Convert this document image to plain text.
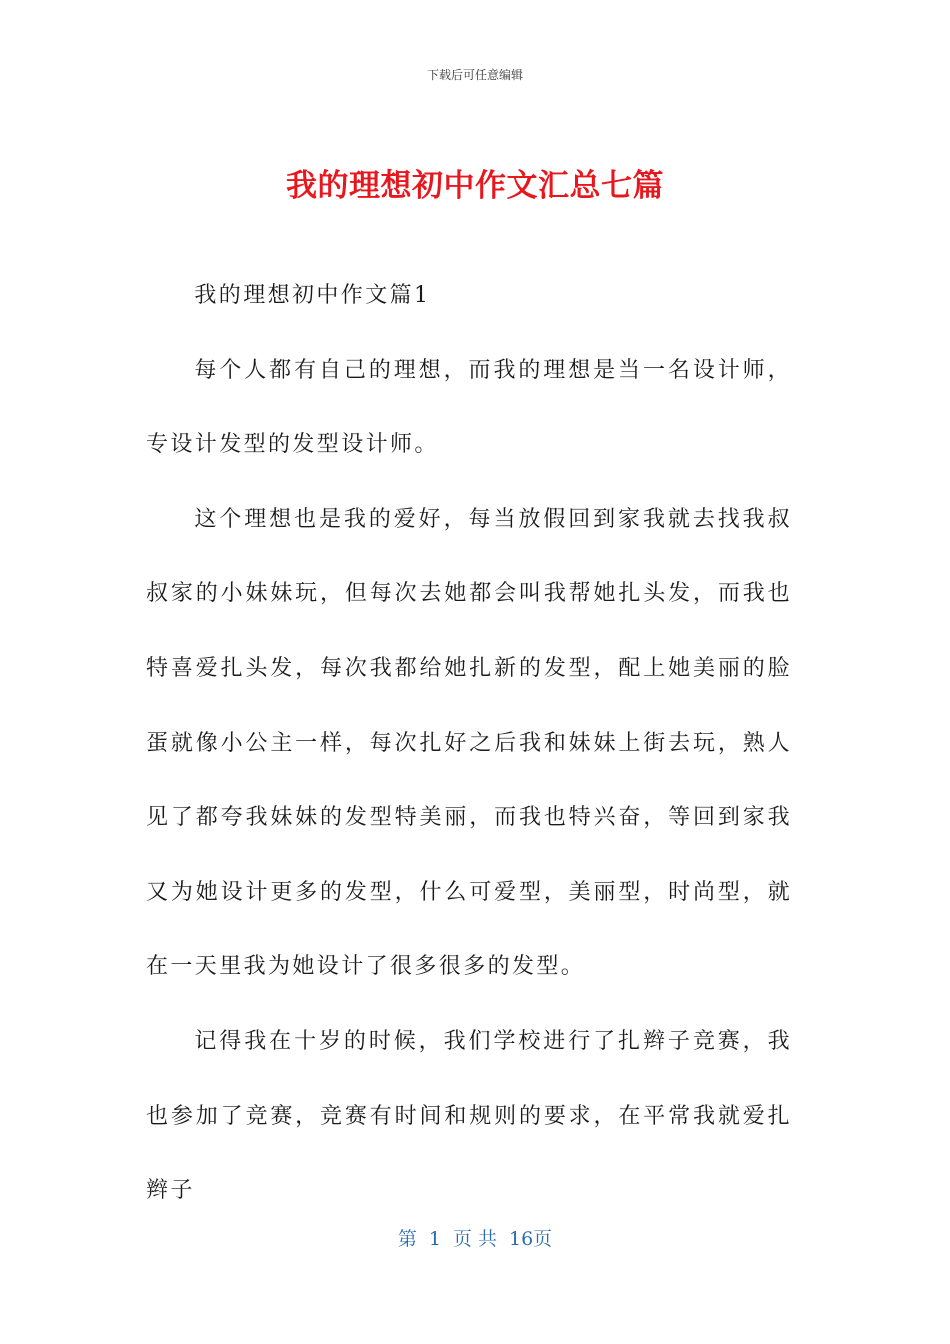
下载后可任意编辑
我的理想初中作文汇总七篇

我的理想初中作文篇1

每个人都有自己的理想，而我的理想是当一名设计师，专设计发型的发型设计师。

这个理想也是我的爱好，每当放假回到家我就去找我叔叔家的小妹妹玩，但每次去她都会叫我帮她扎头发，而我也特喜爱扎头发，每次我都给她扎新的发型，配上她美丽的脸蛋就像小公主一样，每次扎好之后我和妹妹上街去玩，熟人见了都夸我妹妹的发型特美丽，而我也特兴奋，等回到家我又为她设计更多的发型，什么可爱型，美丽型，时尚型，就在一天里我为她设计了很多很多的发型。

记得我在十岁的时候，我们学校进行了扎辫子竞赛，我也参加了竞赛，竞赛有时间和规则的要求，在平常我就爱扎辫子

第 1 页 共 16页
